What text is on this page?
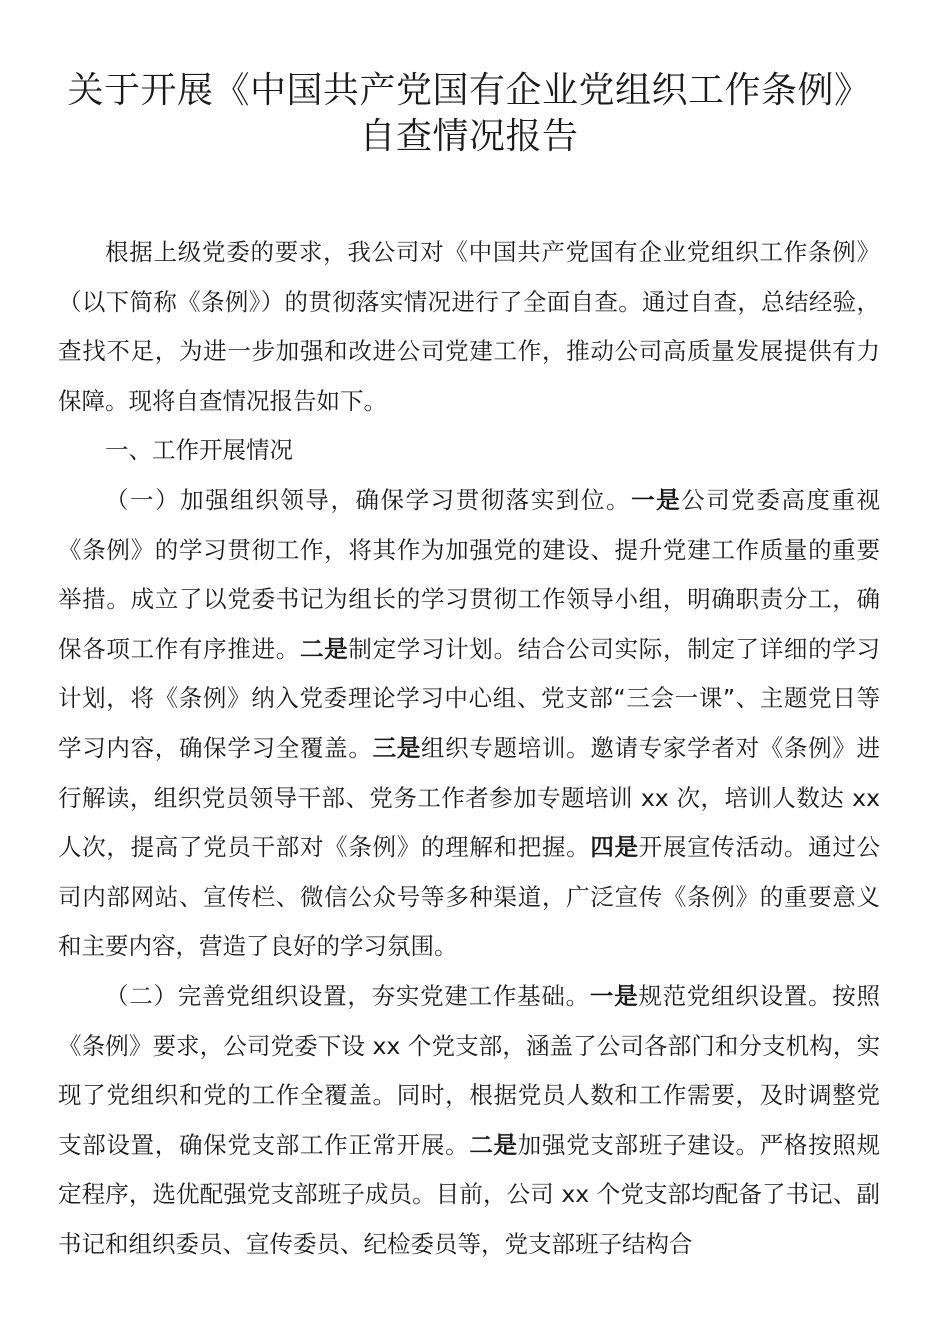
关于开展《中国共产党国有企业党组织工作条例》自查情况报告

根据上级党委的要求，我公司对《中国共产党国有企业党组织工作条例》（以下简称《条例》）的贯彻落实情况进行了全面自查。通过自查，总结经验，查找不足，为进一步加强和改进公司党建工作，推动公司高质量发展提供有力保障。现将自查情况报告如下。

一、工作开展情况

（一）加强组织领导，确保学习贯彻落实到位。一是公司党委高度重视《条例》的学习贯彻工作，将其作为加强党的建设、提升党建工作质量的重要举措。成立了以党委书记为组长的学习贯彻工作领导小组，明确职责分工，确保各项工作有序推进。二是制定学习计划。结合公司实际，制定了详细的学习计划，将《条例》纳入党委理论学习中心组、党支部“三会一课”、主题党日等学习内容，确保学习全覆盖。三是组织专题培训。邀请专家学者对《条例》进行解读，组织党员领导干部、党务工作者参加专题培训 xx 次，培训人数达 xx 人次，提高了党员干部对《条例》的理解和把握。四是开展宣传活动。通过公司内部网站、宣传栏、微信公众号等多种渠道，广泛宣传《条例》的重要意义和主要内容，营造了良好的学习氛围。

（二）完善党组织设置，夯实党建工作基础。一是规范党组织设置。按照《条例》要求，公司党委下设 xx 个党支部，涵盖了公司各部门和分支机构，实现了党组织和党的工作全覆盖。同时，根据党员人数和工作需要，及时调整党支部设置，确保党支部工作正常开展。二是加强党支部班子建设。严格按照规定程序，选优配强党支部班子成员。目前，公司 xx 个党支部均配备了书记、副书记和组织委员、宣传委员、纪检委员等，党支部班子结构合
